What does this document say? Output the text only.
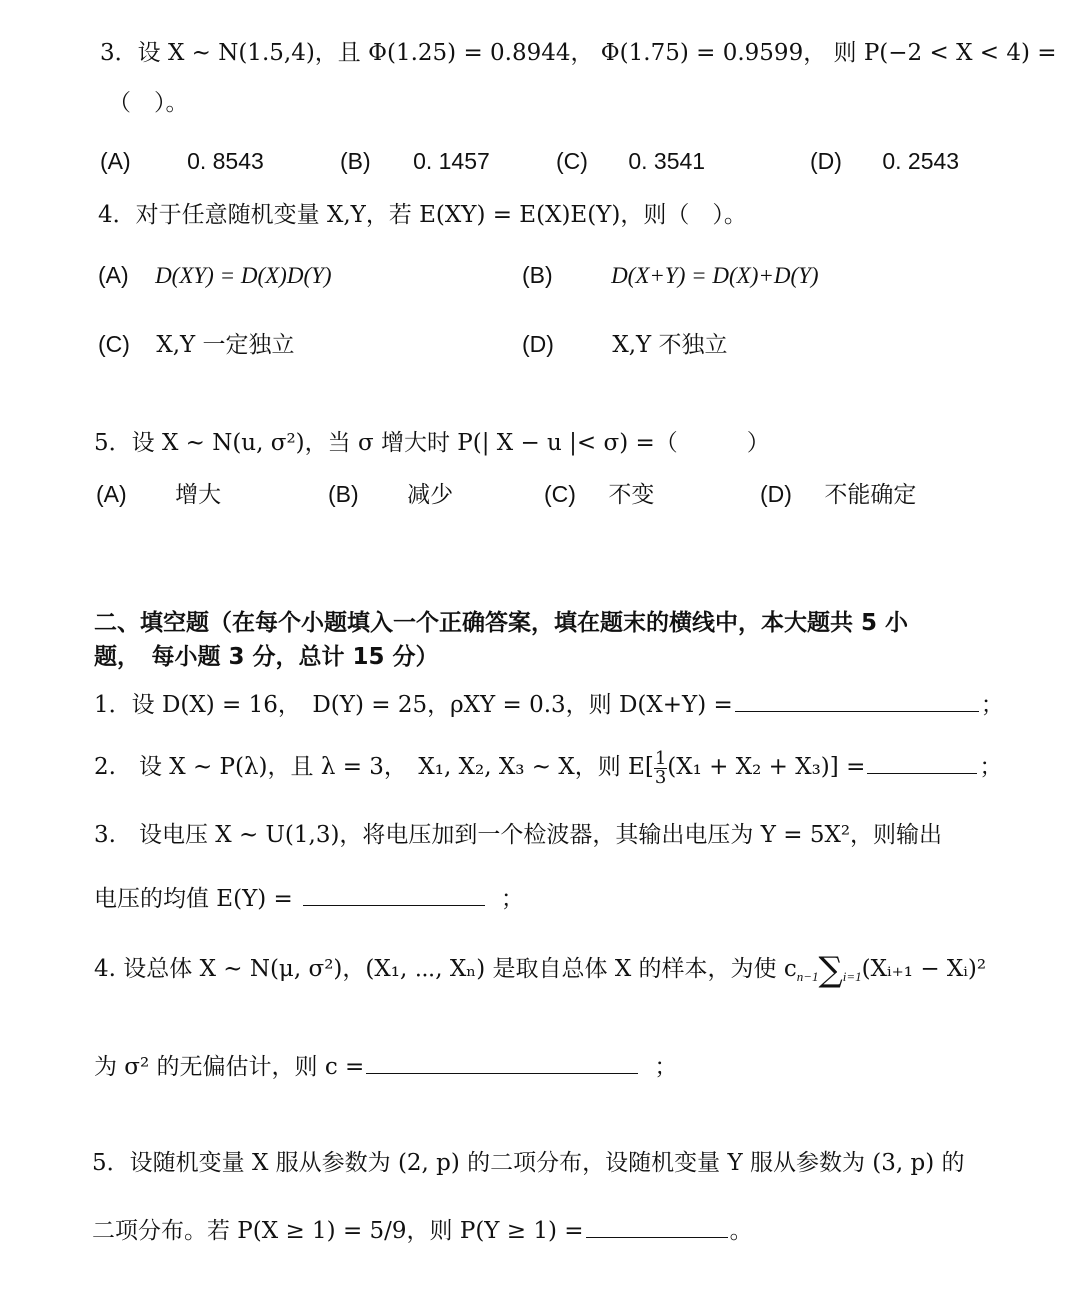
3．设 X ~ N(1.5,4)，且 Φ(1.25) = 0.8944， Φ(1.75) = 0.9599， 则 P(−2 < X < 4) =
（　）。
(A) 0. 8543	(B) 0. 1457	(C) 0. 3541	(D) 0. 2543
4．对于任意随机变量 X,Y，若 E(XY) = E(X)E(Y)，则（　）。
(A) D(XY) = D(X)D(Y)	(B)	D(X+Y) = D(X)+D(Y)
(C) X,Y 一定独立	(D)	X,Y 不独立
5．设 X ~ N(u, σ²)，当 σ 增大时 P(| X − u |< σ) =（　　　）
(A) 增大	(B) 减少	(C) 不变	(D) 不能确定
二、填空题（在每个小题填入一个正确答案，填在题末的横线中，本大题共 5 小
题，　每小题 3 分，总计 15 分）
1．设 D(X) = 16，　D(Y) = 25，ρXY = 0.3，则 D(X+Y) =	；
2.　设 X ~ P(λ)，且 λ = 3，　X₁, X₂, X₃ ~ X，则 $E[ \frac{1}{3} (X_1 + X_2 + X_3)]$ =	；
3.　设电压 X ~ U(1,3)，将电压加到一个检波器，其输出电压为 Y = 5X²，则输出
电压的均值 E(Y) =	；
4. 设总体 X ~ N(μ, σ²)，(X₁, ⋯, Xₙ) 是取自总体 X 的样本，为使 cn−1∑i=1(Xᵢ₊₁ − Xᵢ)²
为 σ² 的无偏估计，则 c =	；
5．设随机变量 X 服从参数为 (2, p) 的二项分布，设随机变量 Y 服从参数为 (3, p) 的
二项分布。若 P(X ≥ 1) = 5/9，则 P(Y ≥ 1) =	。
